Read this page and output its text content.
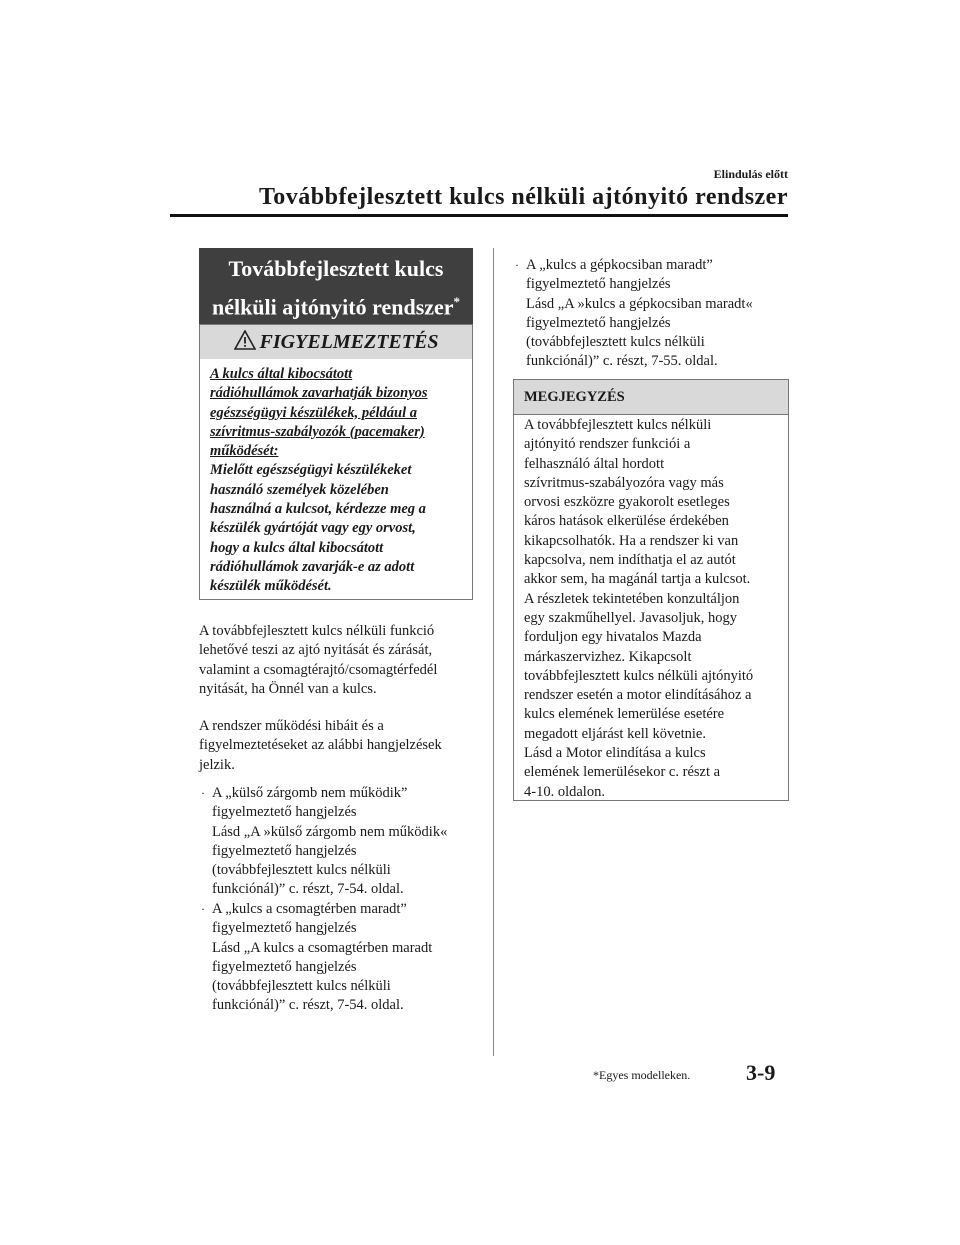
Elindulás előtt
Továbbfejlesztett kulcs nélküli ajtónyitó rendszer
Továbbfejlesztett kulcs
nélküli ajtónyitó rendszer*
FIGYELMEZTETÉS
A kulcs által kibocsátott
rádióhullámok zavarhatják bizonyos
egészségügyi készülékek, például a
szívritmus-szabályozók (pacemaker)
működését:
Mielőtt egészségügyi készülékeket
használó személyek közelében
használná a kulcsot, kérdezze meg a
készülék gyártóját vagy egy orvost,
hogy a kulcs által kibocsátott
rádióhullámok zavarják-e az adott
készülék működését.
A továbbfejlesztett kulcs nélküli funkció
lehetővé teszi az ajtó nyitását és zárását,
valamint a csomagtérajtó/csomagtérfedél
nyitását, ha Önnél van a kulcs.
A rendszer működési hibáit és a
figyelmeztetéseket az alábbi hangjelzések
jelzik.
· A „külső zárgomb nem működik”
figyelmeztető hangjelzés
Lásd „A »külső zárgomb nem működik«
figyelmeztető hangjelzés
(továbbfejlesztett kulcs nélküli
funkciónál)” c. részt, 7-54. oldal.
· A „kulcs a csomagtérben maradt”
figyelmeztető hangjelzés
Lásd „A kulcs a csomagtérben maradt
figyelmeztető hangjelzés
(továbbfejlesztett kulcs nélküli
funkciónál)” c. részt, 7-54. oldal.
· A „kulcs a gépkocsiban maradt”
figyelmeztető hangjelzés
Lásd „A »kulcs a gépkocsiban maradt«
figyelmeztető hangjelzés
(továbbfejlesztett kulcs nélküli
funkciónál)” c. részt, 7-55. oldal.
MEGJEGYZÉS
A továbbfejlesztett kulcs nélküli
ajtónyitó rendszer funkciói a
felhasználó által hordott
szívritmus-szabályozóra vagy más
orvosi eszközre gyakorolt esetleges
káros hatások elkerülése érdekében
kikapcsolhatók. Ha a rendszer ki van
kapcsolva, nem indíthatja el az autót
akkor sem, ha magánál tartja a kulcsot.
A részletek tekintetében konzultáljon
egy szakműhellyel. Javasoljuk, hogy
forduljon egy hivatalos Mazda
márkaszervizhez. Kikapcsolt
továbbfejlesztett kulcs nélküli ajtónyitó
rendszer esetén a motor elindításához a
kulcs elemének lemerülése esetére
megadott eljárást kell követnie.
Lásd a Motor elindítása a kulcs
elemének lemerülésekor c. részt a
4-10. oldalon.
*Egyes modelleken.	3-9
